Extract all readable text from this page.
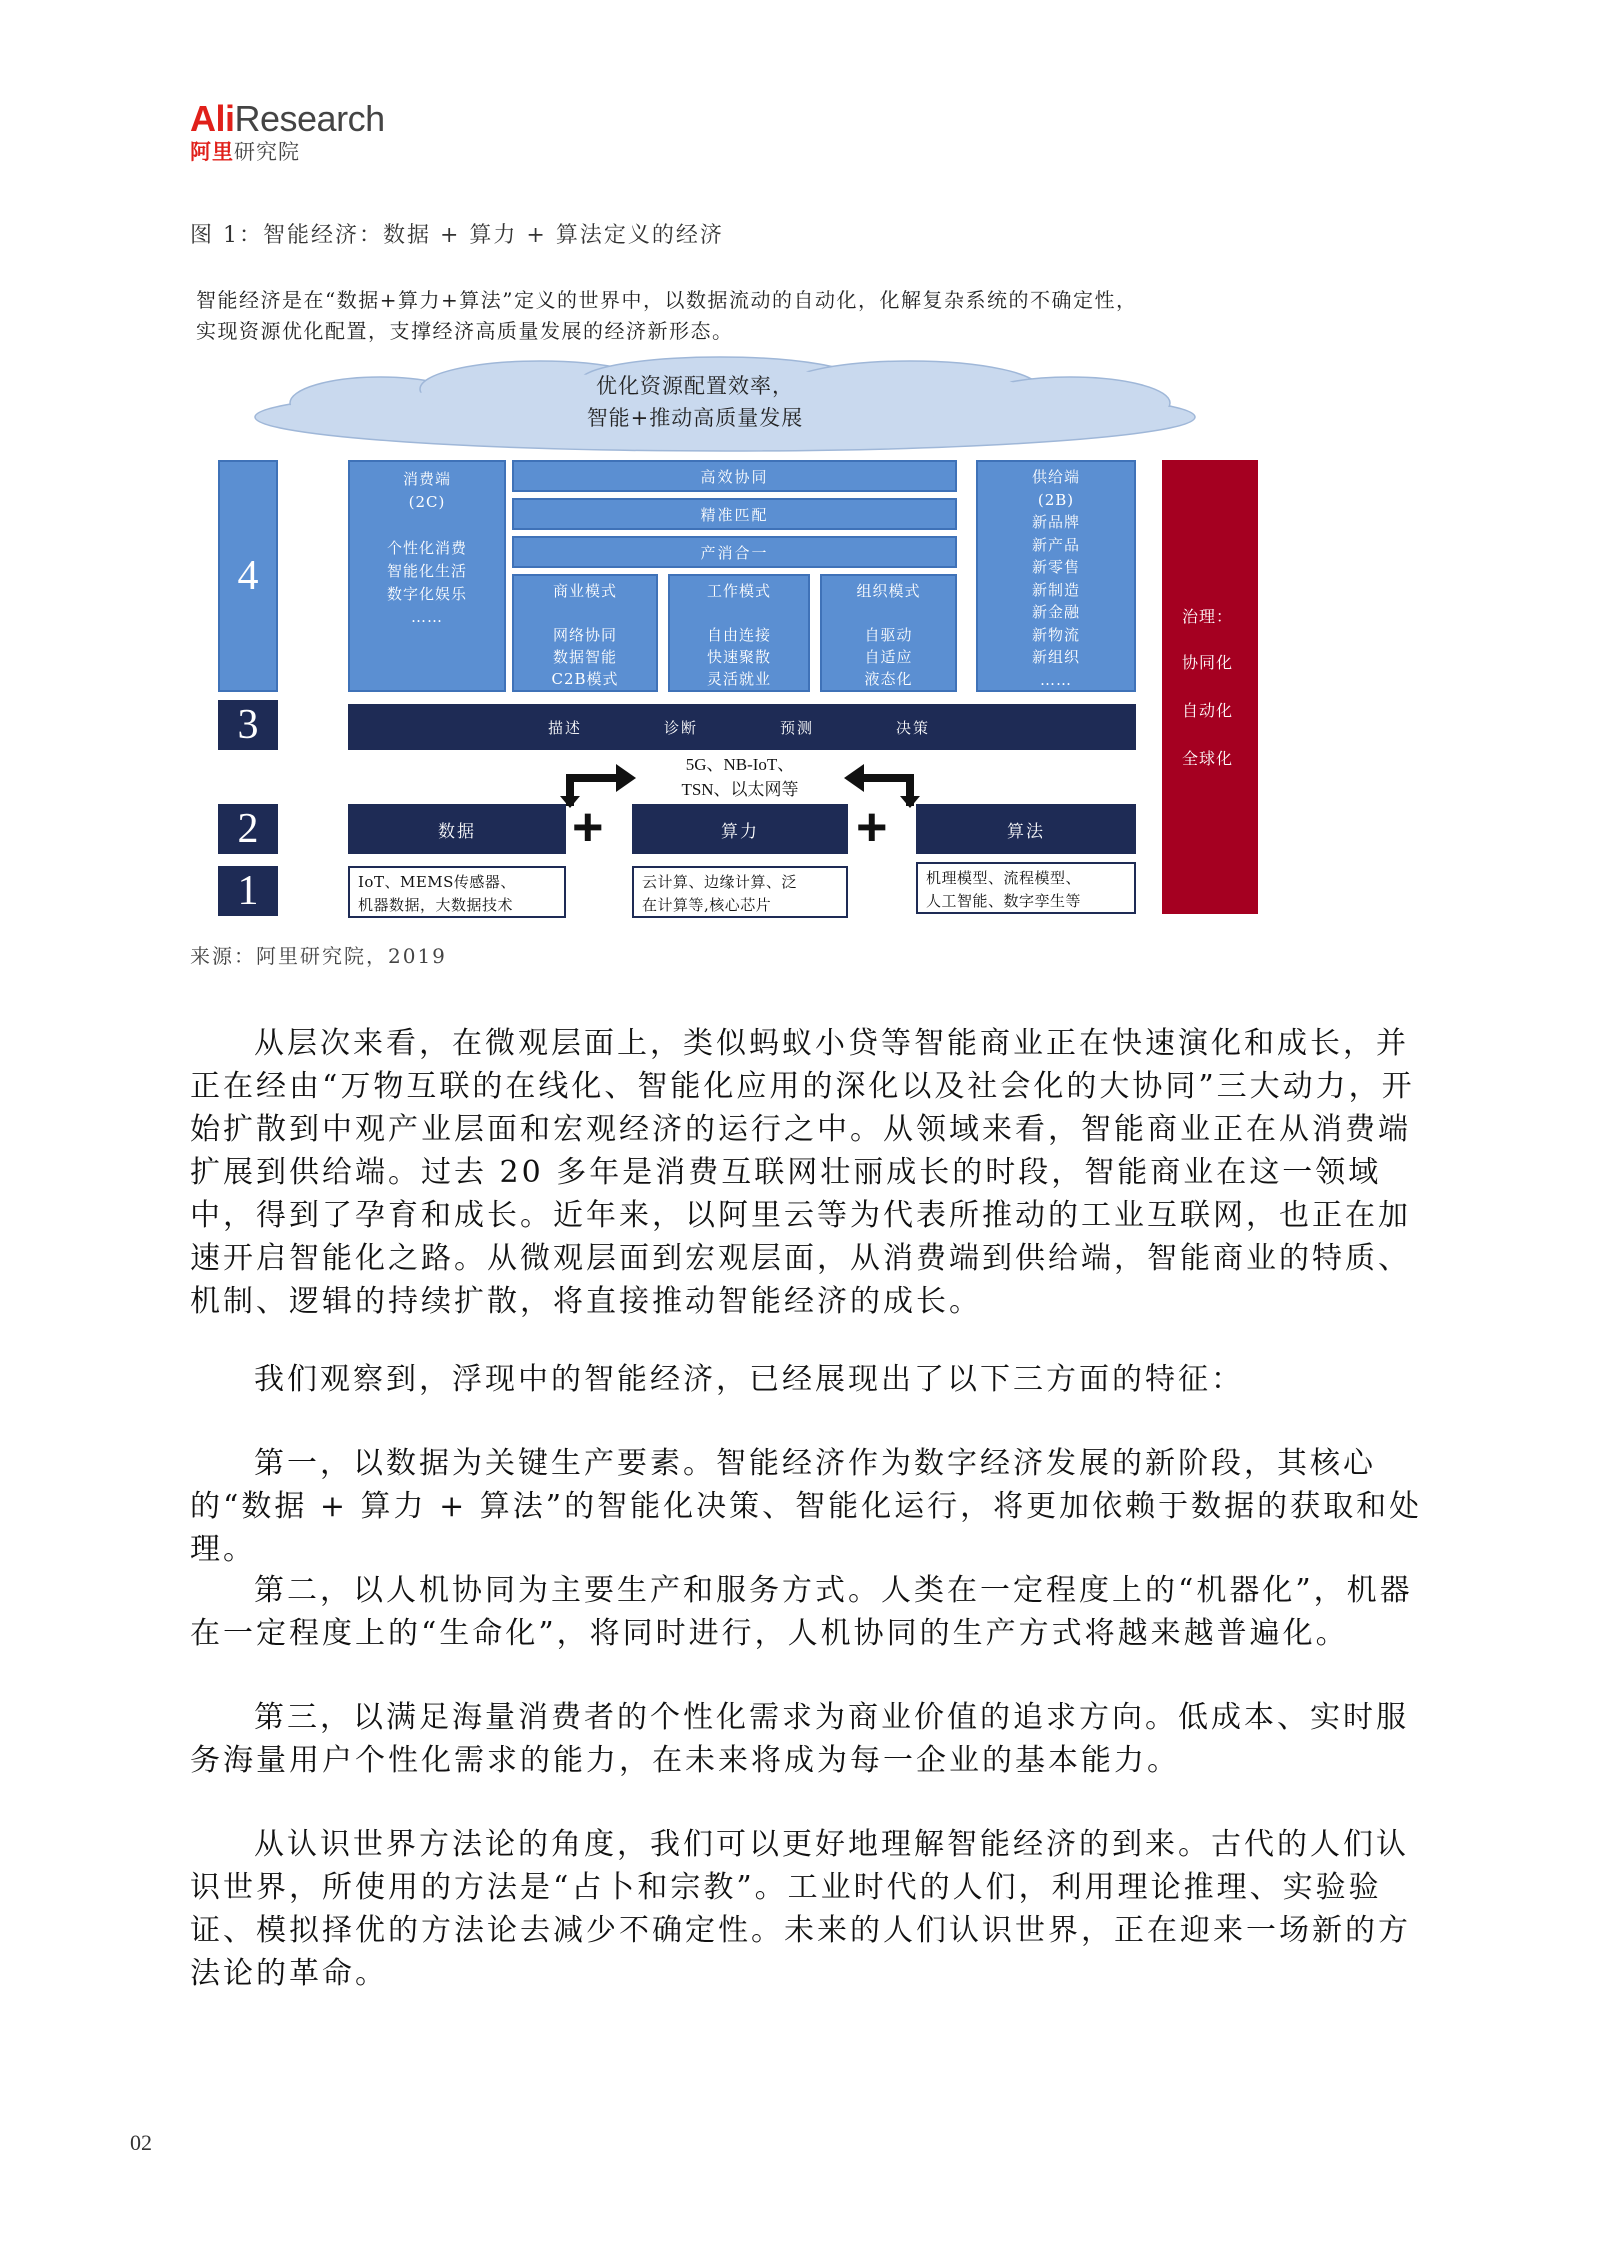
AliResearch
阿里研究院
图 1：智能经济：数据 + 算力 + 算法定义的经济
智能经济是在“数据+算力+算法”定义的世界中，以数据流动的自动化，化解复杂系统的不确定性，
实现资源优化配置，支撑经济高质量发展的经济新形态。
优化资源配置效率，
智能+推动高质量发展
4
3
2
1
消费端
(2C)

个性化消费
智能化生活
数字化娱乐
……
高效协同
精准匹配
产消合一
商业模式

网络协同
数据智能
C2B模式
工作模式

自由连接
快速聚散
灵活就业
组织模式

自驱动
自适应
液态化
供给端
(2B)
新品牌
新产品
新零售
新制造
新金融
新物流
新组织
……
描述	诊断	预测	决策
5G、NB-IoT、
TSN、以太网等
数据	+	算力	+	算法
IoT、MEMS传感器、
机器数据，大数据技术
云计算、边缘计算、泛
在计算等,核心芯片
机理模型、流程模型、
人工智能、数字孪生等
治理：
协同化
自动化
全球化
来源：阿里研究院，2019

从层次来看，在微观层面上，类似蚂蚁小贷等智能商业正在快速演化和成长，并正在经由“万物互联的在线化、智能化应用的深化以及社会化的大协同”三大动力，开始扩散到中观产业层面和宏观经济的运行之中。从领域来看，智能商业正在从消费端扩展到供给端。过去 20 多年是消费互联网壮丽成长的时段，智能商业在这一领域中，得到了孕育和成长。近年来，以阿里云等为代表所推动的工业互联网，也正在加速开启智能化之路。从微观层面到宏观层面，从消费端到供给端，智能商业的特质、机制、逻辑的持续扩散，将直接推动智能经济的成长。

我们观察到，浮现中的智能经济，已经展现出了以下三方面的特征：

第一，以数据为关键生产要素。智能经济作为数字经济发展的新阶段，其核心的“数据 + 算力 + 算法”的智能化决策、智能化运行，将更加依赖于数据的获取和处理。

第二，以人机协同为主要生产和服务方式。人类在一定程度上的“机器化”，机器在一定程度上的“生命化”，将同时进行，人机协同的生产方式将越来越普遍化。

第三，以满足海量消费者的个性化需求为商业价值的追求方向。低成本、实时服务海量用户个性化需求的能力，在未来将成为每一企业的基本能力。

从认识世界方法论的角度，我们可以更好地理解智能经济的到来。古代的人们认识世界，所使用的方法是“占卜和宗教”。工业时代的人们，利用理论推理、实验验证、模拟择优的方法论去减少不确定性。未来的人们认识世界，正在迎来一场新的方法论的革命。

02
